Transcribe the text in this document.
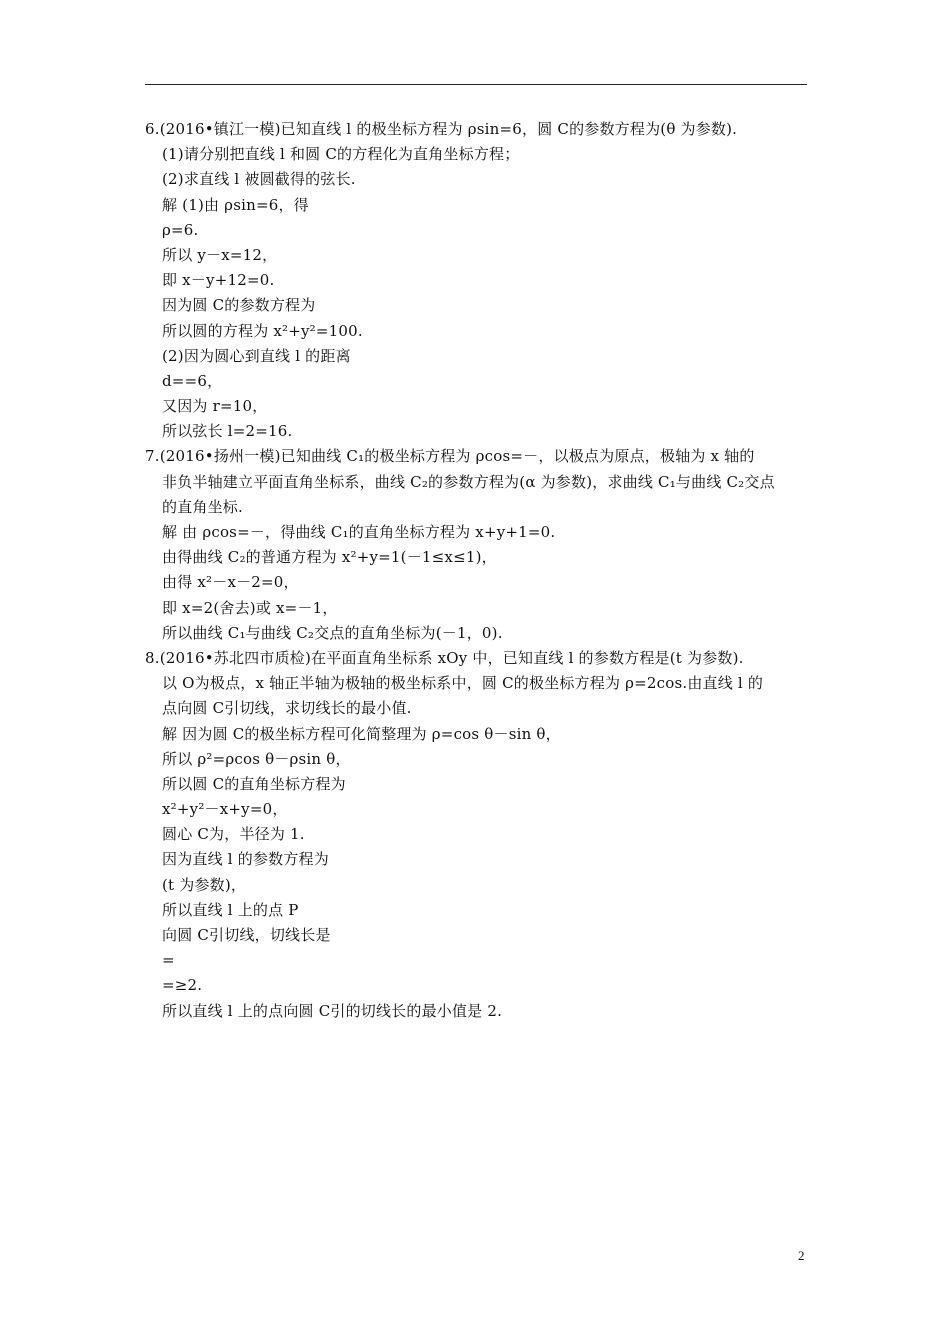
6.(2016•镇江一模)已知直线 l 的极坐标方程为 ρsin=6，圆 C的参数方程为(θ 为参数).
(1)请分别把直线 l 和圆 C的方程化为直角坐标方程；
(2)求直线 l 被圆截得的弦长.
解 (1)由 ρsin=6，得
ρ=6.
所以 y－x=12，
即 x－y+12=0.
因为圆 C的参数方程为
所以圆的方程为 x²+y²=100.
(2)因为圆心到直线 l 的距离
d==6，
又因为 r=10，
所以弦长 l=2=16.
7.(2016•扬州一模)已知曲线 C₁的极坐标方程为 ρcos=－，以极点为原点，极轴为 x 轴的
非负半轴建立平面直角坐标系，曲线 C₂的参数方程为(α 为参数)，求曲线 C₁与曲线 C₂交点
的直角坐标.
解 由 ρcos=－，得曲线 C₁的直角坐标方程为 x+y+1=0.
由得曲线 C₂的普通方程为 x²+y=1(－1≤x≤1)，
由得 x²－x－2=0，
即 x=2(舍去)或 x=－1，
所以曲线 C₁与曲线 C₂交点的直角坐标为(－1，0).
8.(2016•苏北四市质检)在平面直角坐标系 xOy 中，已知直线 l 的参数方程是(t 为参数).
以 O为极点，x 轴正半轴为极轴的极坐标系中，圆 C的极坐标方程为 ρ=2cos.由直线 l 的
点向圆 C引切线，求切线长的最小值.
解 因为圆 C的极坐标方程可化简整理为 ρ=cos θ－sin θ，
所以 ρ²=ρcos θ－ρsin θ，
所以圆 C的直角坐标方程为
x²+y²－x+y=0，
圆心 C为，半径为 1.
因为直线 l 的参数方程为
(t 为参数)，
所以直线 l 上的点 P
向圆 C引切线，切线长是
=
=≥2.
所以直线 l 上的点向圆 C引的切线长的最小值是 2.
2
